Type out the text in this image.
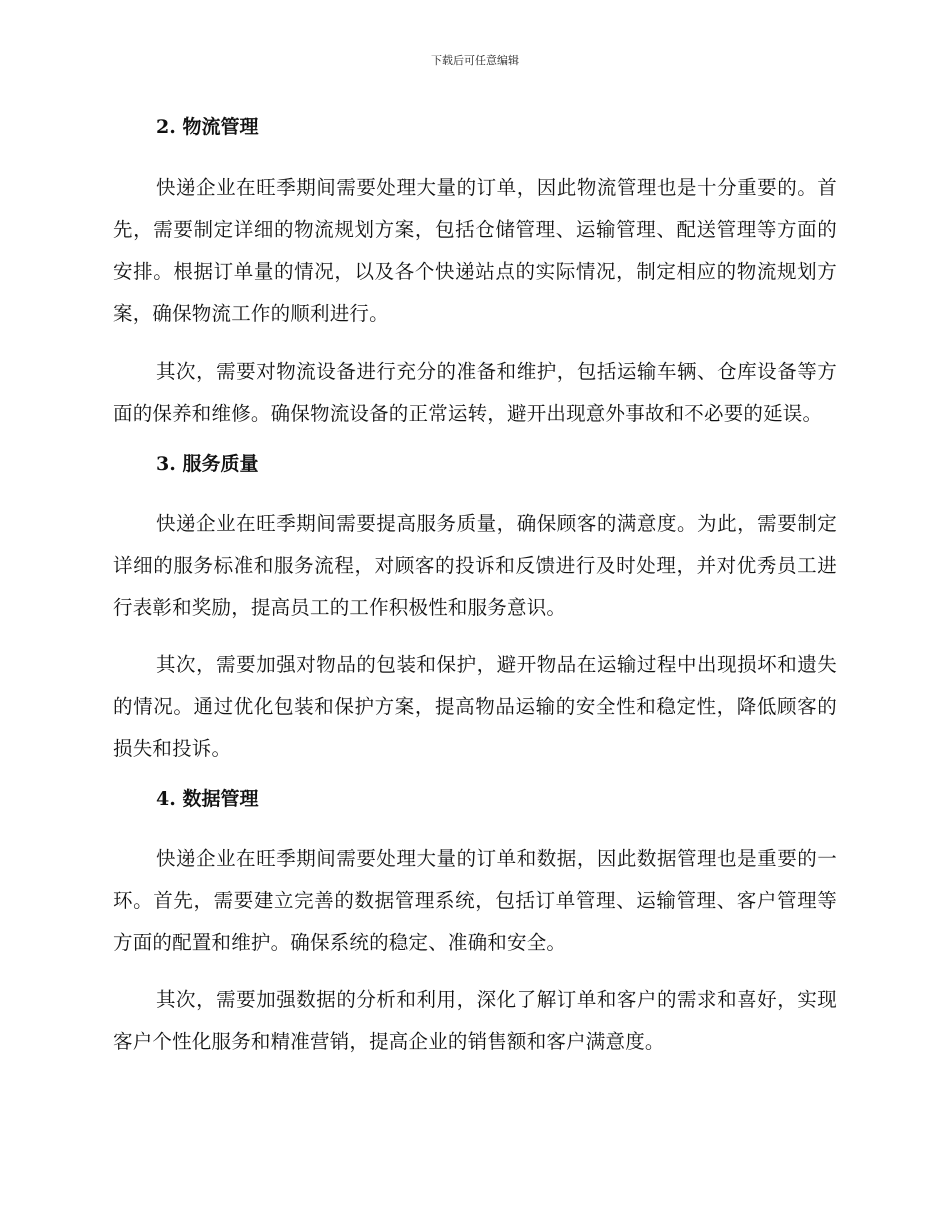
下载后可任意编辑
2. 物流管理

快递企业在旺季期间需要处理大量的订单，因此物流管理也是十分重要的。首先，需要制定详细的物流规划方案，包括仓储管理、运输管理、配送管理等方面的安排。根据订单量的情况，以及各个快递站点的实际情况，制定相应的物流规划方案，确保物流工作的顺利进行。

其次，需要对物流设备进行充分的准备和维护，包括运输车辆、仓库设备等方面的保养和维修。确保物流设备的正常运转，避开出现意外事故和不必要的延误。

3. 服务质量

快递企业在旺季期间需要提高服务质量，确保顾客的满意度。为此，需要制定详细的服务标准和服务流程，对顾客的投诉和反馈进行及时处理，并对优秀员工进行表彰和奖励，提高员工的工作积极性和服务意识。

其次，需要加强对物品的包装和保护，避开物品在运输过程中出现损坏和遗失的情况。通过优化包装和保护方案，提高物品运输的安全性和稳定性，降低顾客的损失和投诉。

4. 数据管理

快递企业在旺季期间需要处理大量的订单和数据，因此数据管理也是重要的一环。首先，需要建立完善的数据管理系统，包括订单管理、运输管理、客户管理等方面的配置和维护。确保系统的稳定、准确和安全。

其次，需要加强数据的分析和利用，深化了解订单和客户的需求和喜好，实现客户个性化服务和精准营销，提高企业的销售额和客户满意度。
